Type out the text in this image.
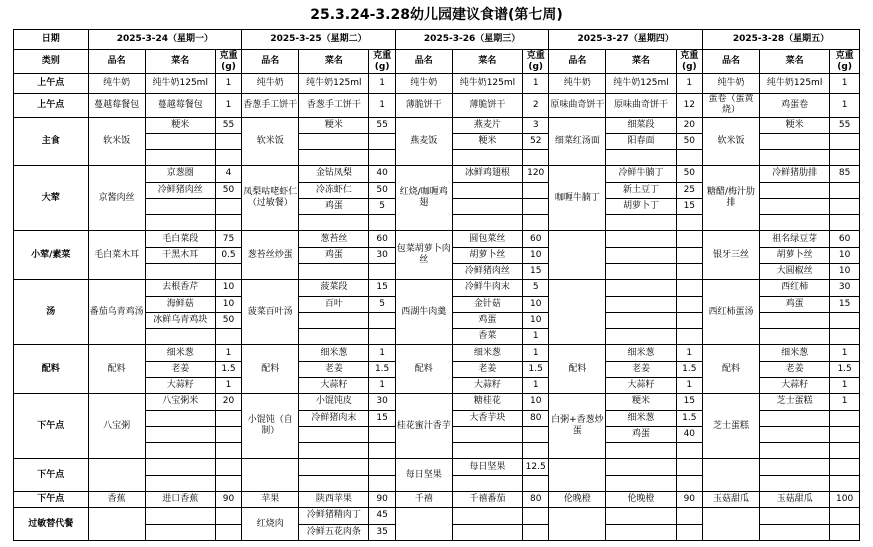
25.3.24-3.28幼儿园建议食谱(第七周)
日期	2025-3-24（星期一）			2025-3-25（星期二）			2025-3-26（星期三）			2025-3-27（星期四）			2025-3-28（星期五）		
类别	品名	菜名	克重(g)	品名	菜名	克重(g)	品名	菜名	克重(g)	品名	菜名	克重(g)	品名	菜名	克重(g)
上午点	纯牛奶	纯牛奶125ml	1	纯牛奶	纯牛奶125ml	1	纯牛奶	纯牛奶125ml	1	纯牛奶	纯牛奶125ml	1	纯牛奶	纯牛奶125ml	1
上午点	蔓越莓餐包	蔓越莓餐包	1	香葱手工饼干	香葱手工饼干	1	薄脆饼干	薄脆饼干	2	原味曲奇饼干	原味曲奇饼干	12	蛋卷（蛋黄烧）	鸡蛋卷	1
主食	软米饭	粳米	55	软米饭	粳米	55	燕麦饭	燕麦片	3	细菜红汤面	细菜段	20	软米饭	粳米	55
								粳米	52		阳春面	50			

大荤	京酱肉丝	京葱圈	4	凤梨咕咾虾仁（过敏餐）	金钻凤梨	40	红烧/咖喱鸡翅	冰鲜鸡翅根	120	咖喱牛腩丁	冷鲜牛腩丁	50	糖醋/梅汁肋排	冷鲜猪肋排	85
		冷鲜猪肉丝	50		冷冻虾仁	50					新土豆丁	25			
					鸡蛋	5					胡萝卜丁	15			

小荤/素菜	毛白菜木耳	毛白菜段	75	葱苔丝炒蛋	葱苔丝	60	包菜胡萝卜肉丝	圆包菜丝	60				银牙三丝	祖名绿豆芽	60
		干黑木耳	0.5		鸡蛋	30		胡萝卜丝	10					胡萝卜丝	10
								冷鲜猪肉丝	15					大圆椒丝	10
汤	番茄乌青鸡汤	去根香芹	10	菠菜百叶汤	菠菜段	15	西湖牛肉羹	冷鲜牛肉末	5				西红柿蛋汤	西红柿	30
		海鲜菇	10		百叶	5		金针菇	10					鸡蛋	15
		冰鲜乌青鸡块	50					鸡蛋	10						
								香菜	1						
配料	配料	细米葱	1	配料	细米葱	1	配料	细米葱	1	配料	细米葱	1	配料	细米葱	1
		老姜	1.5		老姜	1.5		老姜	1.5		老姜	1.5		老姜	1.5
		大蒜籽	1		大蒜籽	1		大蒜籽	1		大蒜籽	1		大蒜籽	1
下午点	八宝粥	八宝粥米	20	小馄饨（自制）	小馄饨皮	30	桂花蜜汁香芋	糖桂花	10	白粥+香葱炒蛋	粳米	15	芝士蛋糕	芝士蛋糕	1
					冷鲜猪肉末	15		大香芋块	80		细米葱	1.5			
											鸡蛋	40			

下午点							每日坚果	每日坚果	12.5						

下午点	香蕉	进口香蕉	90	苹果	陕西苹果	90	千禧	千禧番茄	80	伦晚橙	伦晚橙	90	玉菇甜瓜	玉菇甜瓜	100
过敏替代餐				红烧肉	冷鲜猪精肉丁	45									
					冷鲜五花肉条	35									
